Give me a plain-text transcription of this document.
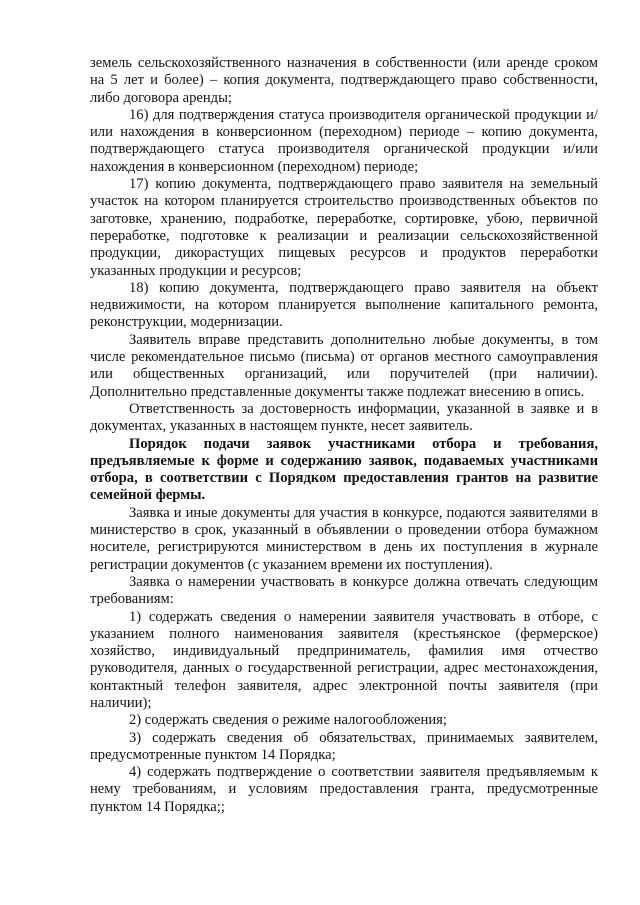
земель сельскохозяйственного назначения в собственности (или аренде сроком на 5 лет и более) – копия документа, подтверждающего право собственности, либо договора аренды;

16) для подтверждения статуса производителя органической продукции и/или нахождения в конверсионном (переходном) периоде – копию документа, подтверждающего статуса производителя органической продукции и/или нахождения в конверсионном (переходном) периоде;

17) копию документа, подтверждающего право заявителя на земельный участок на котором планируется строительство производственных объектов по заготовке, хранению, подработке, переработке, сортировке, убою, первичной переработке, подготовке к реализации и реализации сельскохозяйственной продукции, дикорастущих пищевых ресурсов и продуктов переработки указанных продукции и ресурсов;

18) копию документа, подтверждающего право заявителя на объект недвижимости, на котором планируется выполнение капитального ремонта, реконструкции, модернизации.

Заявитель вправе представить дополнительно любые документы, в том числе рекомендательное письмо (письма) от органов местного самоуправления или общественных организаций, или поручителей (при наличии). Дополнительно представленные документы также подлежат внесению в опись.

Ответственность за достоверность информации, указанной в заявке и в документах, указанных в настоящем пункте, несет заявитель.

Порядок подачи заявок участниками отбора и требования, предъявляемые к форме и содержанию заявок, подаваемых участниками отбора, в соответствии с Порядком предоставления грантов на развитие семейной фермы.

Заявка и иные документы для участия в конкурсе, подаются заявителями в министерство в срок, указанный в объявлении о проведении отбора бумажном носителе, регистрируются министерством в день их поступления в журнале регистрации документов (с указанием времени их поступления).

Заявка о намерении участвовать в конкурсе должна отвечать следующим требованиям:

1) содержать сведения о намерении заявителя участвовать в отборе, с указанием полного наименования заявителя (крестьянское (фермерское) хозяйство, индивидуальный предприниматель, фамилия имя отчество руководителя, данных о государственной регистрации, адрес местонахождения, контактный телефон заявителя, адрес электронной почты заявителя (при наличии);

2) содержать сведения о режиме налогообложения;

3) содержать сведения об обязательствах, принимаемых заявителем, предусмотренные пунктом 14 Порядка;

4) содержать подтверждение о соответствии заявителя предъявляемым к нему требованиям, и условиям предоставления гранта, предусмотренные пунктом 14 Порядка;;
